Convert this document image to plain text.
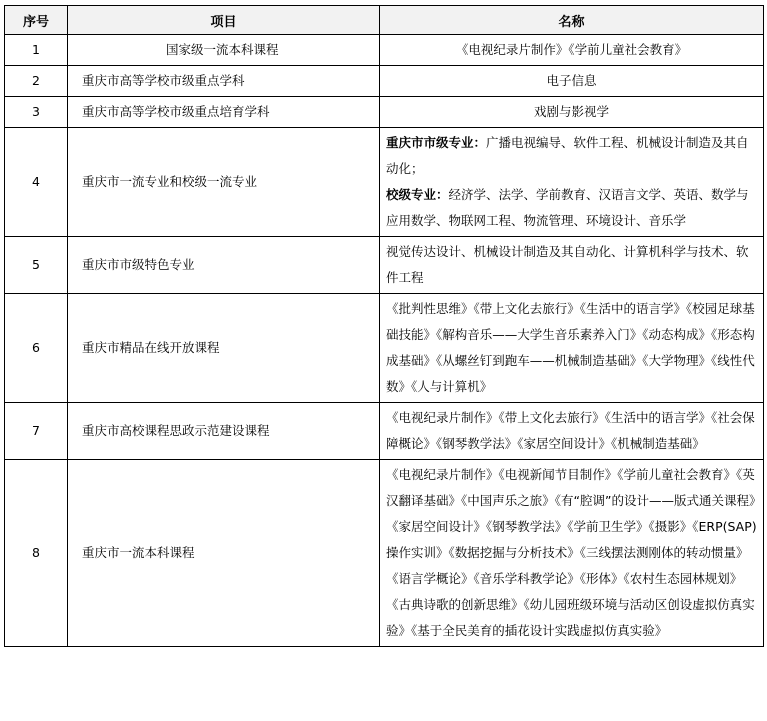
序号	项目	名称
1	国家级一流本科课程	《电视纪录片制作》《学前儿童社会教育》
2	重庆市高等学校市级重点学科	电子信息
3	重庆市高等学校市级重点培育学科	戏剧与影视学
4	重庆市一流专业和校级一流专业	重庆市市级专业：广播电视编导、软件工程、机械设计制造及其自动化；
校级专业：经济学、法学、学前教育、汉语言文学、英语、数学与应用数学、物联网工程、物流管理、环境设计、音乐学
5	重庆市市级特色专业	视觉传达设计、机械设计制造及其自动化、计算机科学与技术、软件工程
6	重庆市精品在线开放课程	《批判性思维》《带上文化去旅行》《生活中的语言学》《校园足球基础技能》《解构音乐——大学生音乐素养入门》《动态构成》《形态构成基础》《从螺丝钉到跑车——机械制造基础》《大学物理》《线性代数》《人与计算机》
7	重庆市高校课程思政示范建设课程	《电视纪录片制作》《带上文化去旅行》《生活中的语言学》《社会保障概论》《钢琴教学法》《家居空间设计》《机械制造基础》
8	重庆市一流本科课程	《电视纪录片制作》《电视新闻节目制作》《学前儿童社会教育》《英汉翻译基础》《中国声乐之旅》《有“腔调”的设计——版式通关课程》《家居空间设计》《钢琴教学法》《学前卫生学》《摄影》《ERP(SAP)操作实训》《数据挖掘与分析技术》《三线摆法测刚体的转动惯量》《语言学概论》《音乐学科教学论》《形体》《农村生态园林规划》《古典诗歌的创新思维》《幼儿园班级环境与活动区创设虚拟仿真实验》《基于全民美育的插花设计实践虚拟仿真实验》
